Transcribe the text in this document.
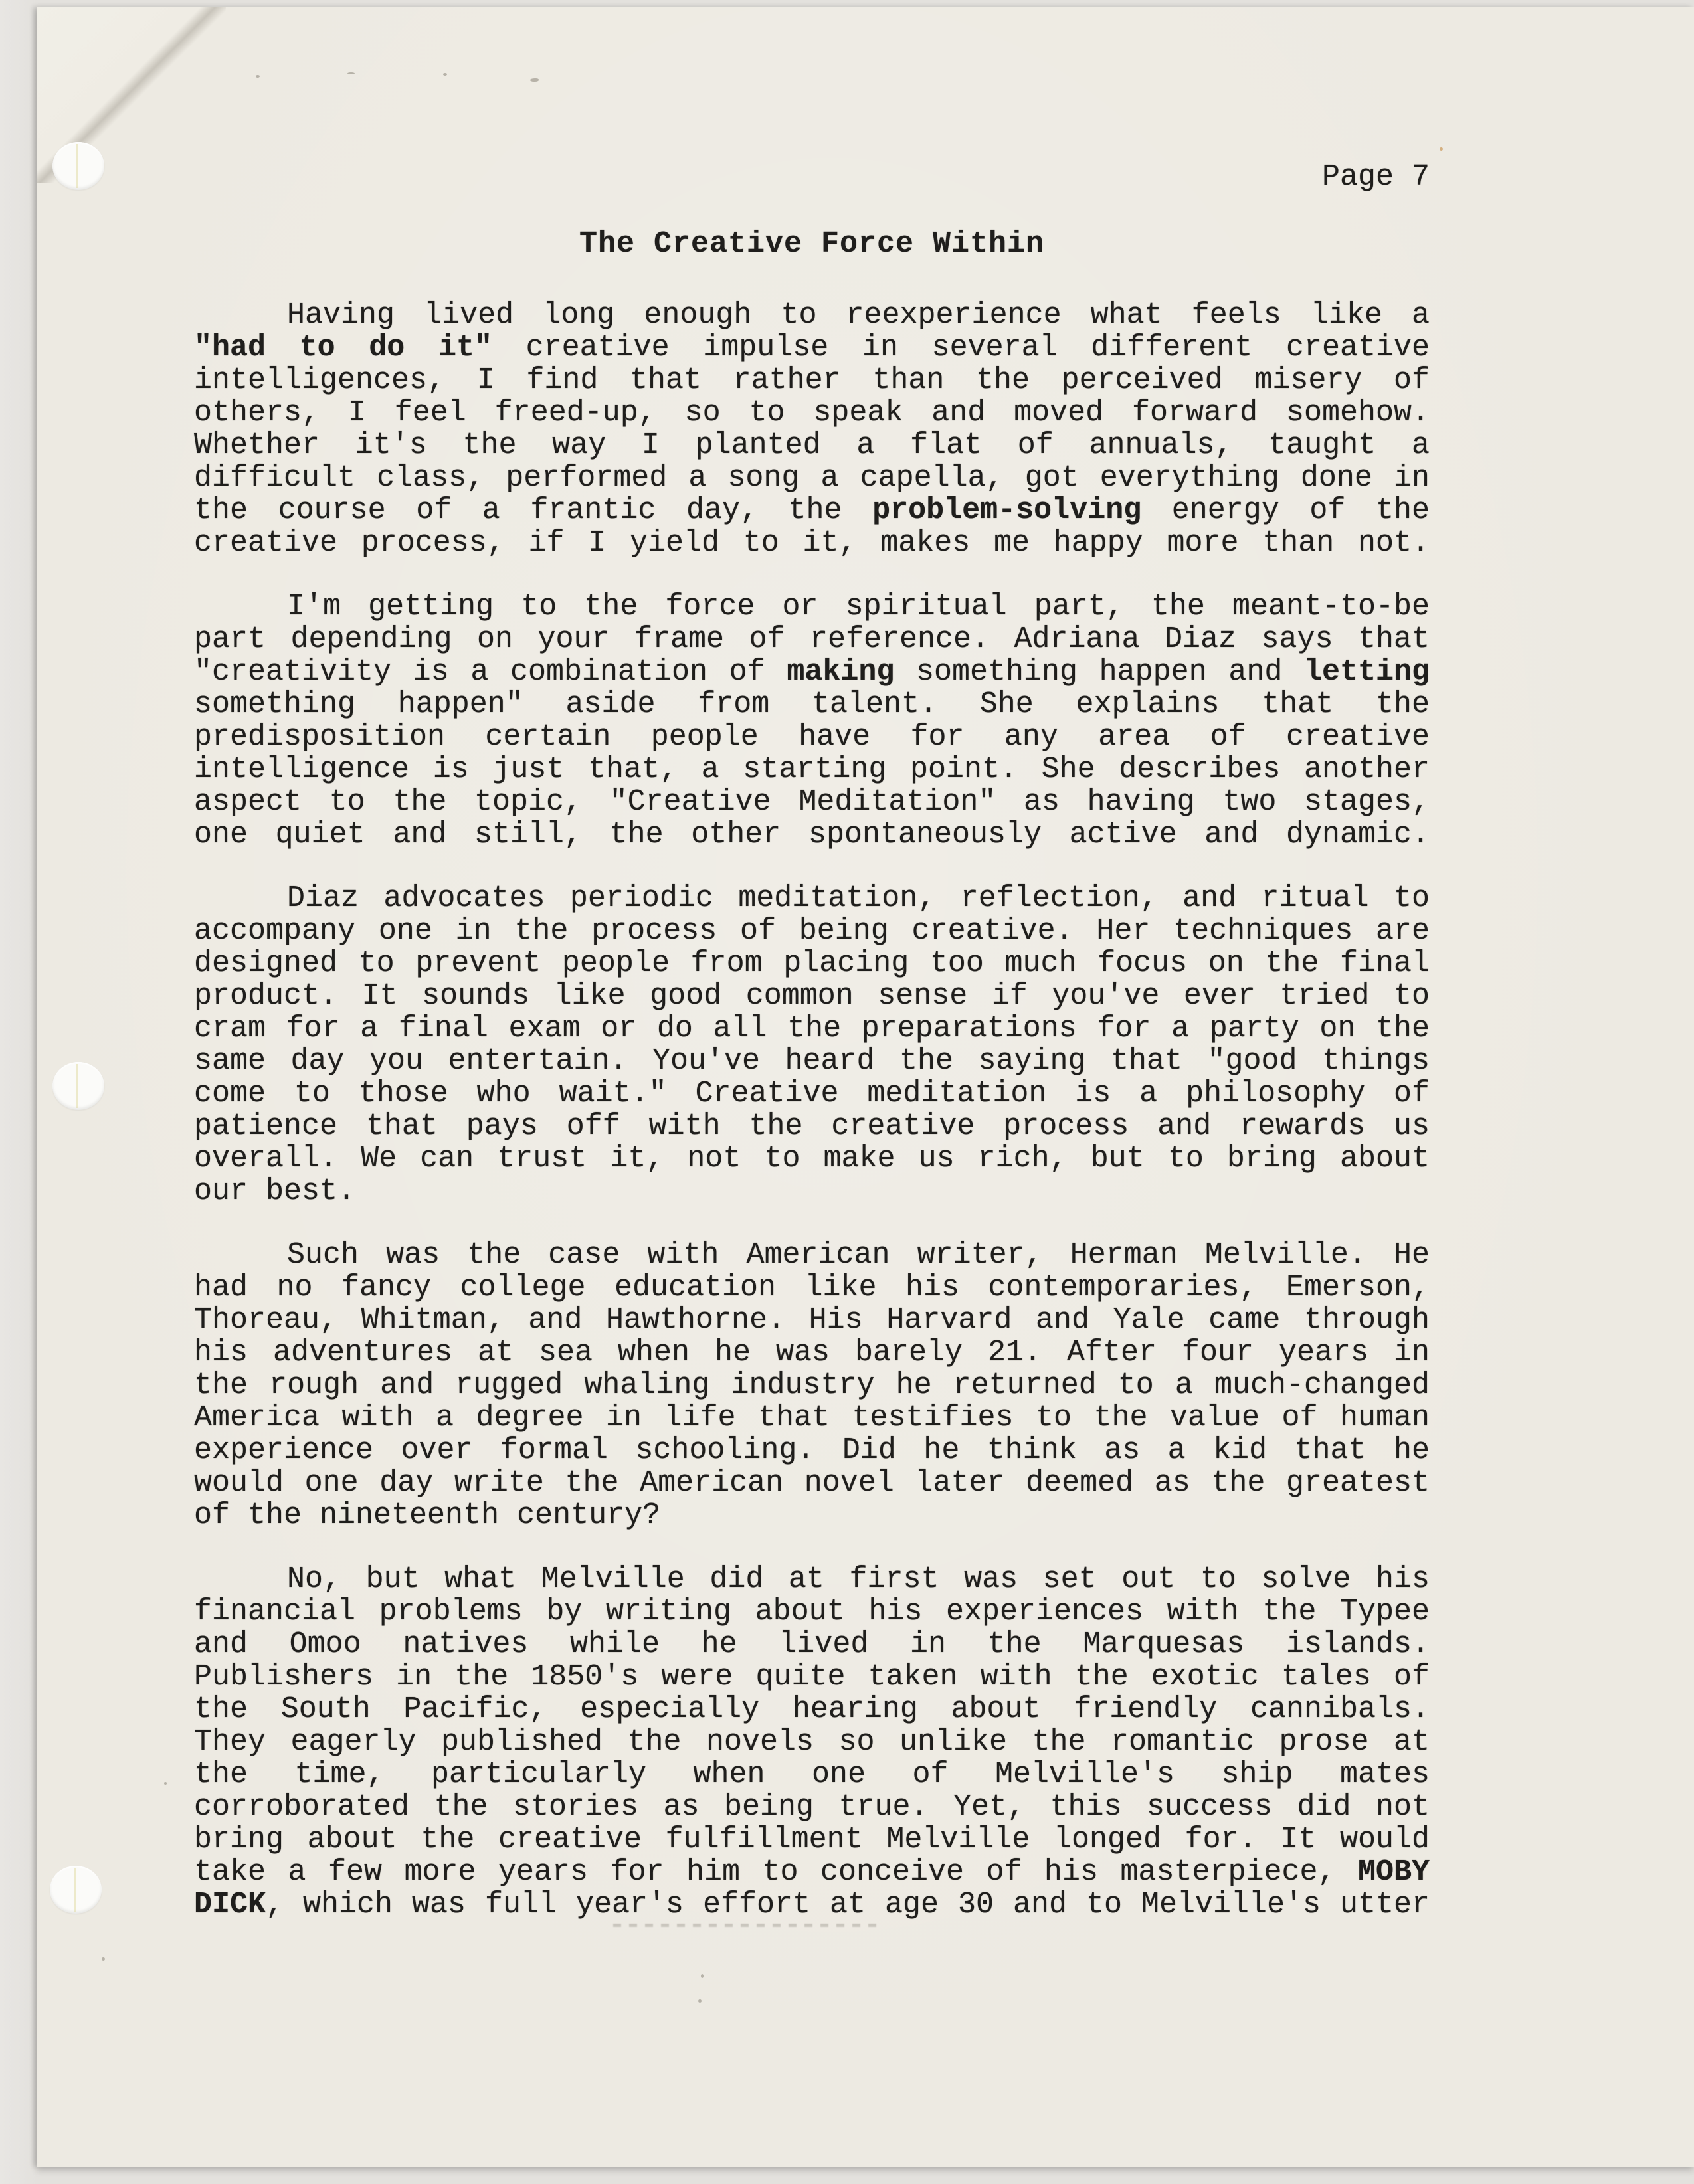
Page 7
The Creative Force Within
Having lived long enough to reexperience what feels like a
"had to do it" creative impulse in several different creative
intelligences, I find that rather than the perceived misery of
others, I feel freed-up, so to speak and moved forward somehow.
Whether it's the way I planted a flat of annuals, taught a
difficult class, performed a song a capella, got everything done in
the course of a frantic day, the problem-solving energy of the
creative process, if I yield to it, makes me happy more than not.
I'm getting to the force or spiritual part, the meant-to-be
part depending on your frame of reference. Adriana Diaz says that
"creativity is a combination of making something happen and letting
something happen" aside from talent. She explains that the
predisposition certain people have for any area of creative
intelligence is just that, a starting point. She describes another
aspect to the topic, "Creative Meditation" as having two stages,
one quiet and still, the other spontaneously active and dynamic.
Diaz advocates periodic meditation, reflection, and ritual to
accompany one in the process of being creative. Her techniques are
designed to prevent people from placing too much focus on the final
product. It sounds like good common sense if you've ever tried to
cram for a final exam or do all the preparations for a party on the
same day you entertain. You've heard the saying that "good things
come to those who wait." Creative meditation is a philosophy of
patience that pays off with the creative process and rewards us
overall. We can trust it, not to make us rich, but to bring about
our best.
Such was the case with American writer, Herman Melville. He
had no fancy college education like his contemporaries, Emerson,
Thoreau, Whitman, and Hawthorne. His Harvard and Yale came through
his adventures at sea when he was barely 21. After four years in
the rough and rugged whaling industry he returned to a much-changed
America with a degree in life that testifies to the value of human
experience over formal schooling. Did he think as a kid that he
would one day write the American novel later deemed as the greatest
of the nineteenth century?
No, but what Melville did at first was set out to solve his
financial problems by writing about his experiences with the Typee
and Omoo natives while he lived in the Marquesas islands.
Publishers in the 1850's were quite taken with the exotic tales of
the South Pacific, especially hearing about friendly cannibals.
They eagerly published the novels so unlike the romantic prose at
the time, particularly when one of Melville's ship mates
corroborated the stories as being true. Yet, this success did not
bring about the creative fulfillment Melville longed for. It would
take a few more years for him to conceive of his masterpiece, MOBY
DICK, which was full year's effort at age 30 and to Melville's utter
